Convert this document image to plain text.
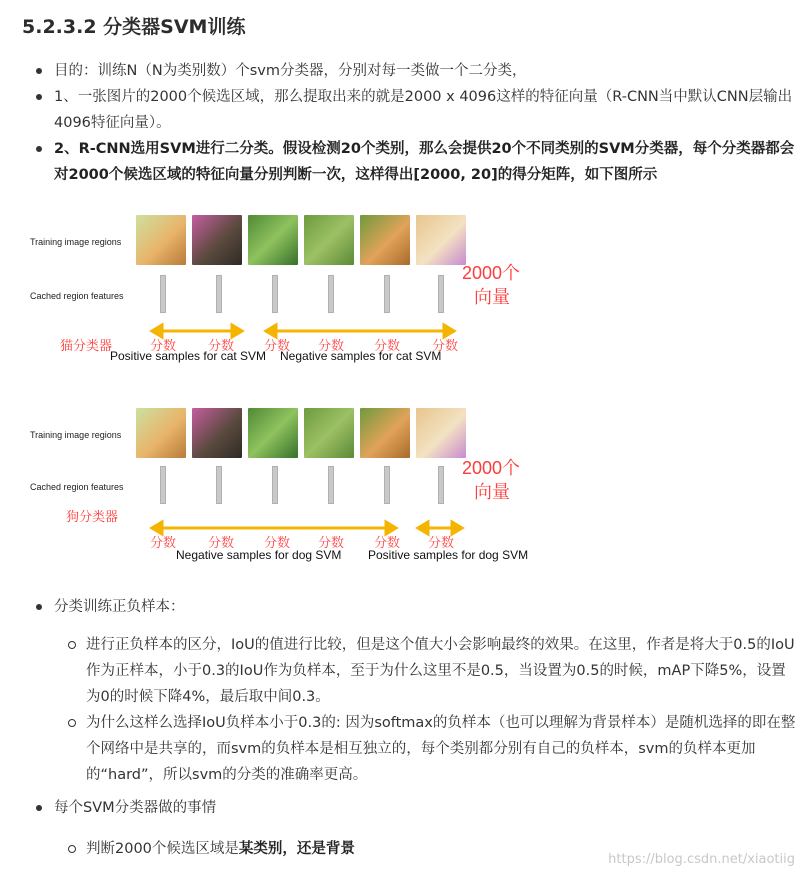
5.2.3.2 分类器SVM训练
目的：训练N（N为类别数）个svm分类器，分别对每一类做一个二分类，
1、一张图片的2000个候选区域，那么提取出来的就是2000 x 4096这样的特征向量（R-CNN当中默认CNN层输出4096特征向量）。
2、R-CNN选用SVM进行二分类。假设检测20个类别，那么会提供20个不同类别的SVM分类器，每个分类器都会对2000个候选区域的特征向量分别判断一次，这样得出[2000, 20]的得分矩阵，如下图所示
Training image regions
Cached region features
2000个
向量
猫分类器	分数 分数 分数 分数 分数 分数
Positive samples for cat SVM Negative samples for cat SVM
Training image regions
Cached region features
2000个
向量
狗分类器
分数 分数 分数 分数 分数 分数
Negative samples for dog SVM Positive samples for dog SVM
分类训练正负样本：
进行正负样本的区分，IoU的值进行比较，但是这个值大小会影响最终的效果。在这里，作者是将大于0.5的IoU作为正样本，小于0.3的IoU作为负样本，至于为什么这里不是0.5，当设置为0.5的时候，mAP下降5%，设置为0的时候下降4%，最后取中间0.3。
为什么这样么选择IoU负样本小于0.3的: 因为softmax的负样本（也可以理解为背景样本）是随机选择的即在整个网络中是共享的，而svm的负样本是相互独立的，每个类别都分别有自己的负样本，svm的负样本更加的“hard”，所以svm的分类的准确率更高。
每个SVM分类器做的事情
判断2000个候选区域是某类别，还是背景
https://blog.csdn.net/xiaotiig
